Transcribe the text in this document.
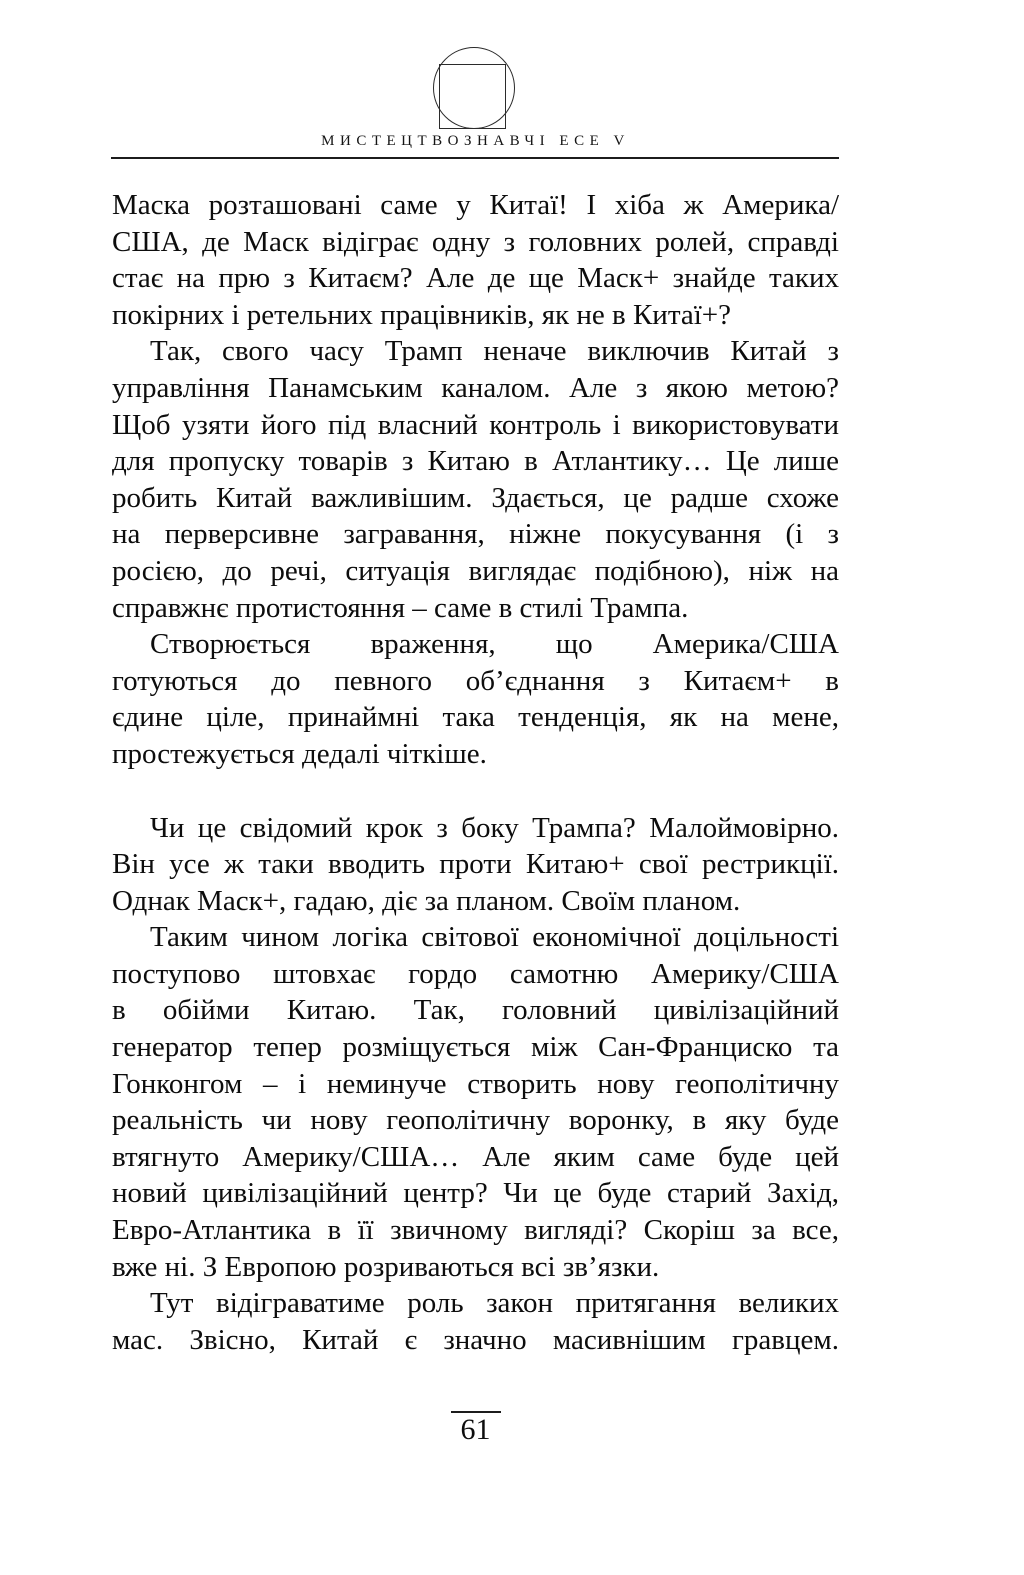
МИСТЕЦТВОЗНАВЧІ ЕСЕ V
Маска розташовані саме у Китаї! І хіба ж Америка/
США, де Маск відіграє одну з головних ролей, справді
стає на прю з Китаєм? Але де ще Маск+ знайде таких
покірних і ретельних працівників, як не в Китаї+?
Так, свого часу Трамп неначе виключив Китай з
управління Панамським каналом. Але з якою метою?
Щоб узяти його під власний контроль і використовувати
для пропуску товарів з Китаю в Атлантику… Це лише
робить Китай важливішим. Здається, це радше схоже
на перверсивне загравання, ніжне покусування (і з
росією, до речі, ситуація виглядає подібною), ніж на
справжнє протистояння – саме в стилі Трампа.
Створюється враження, що Америка/США
готуються до певного об’єднання з Китаєм+ в
єдине ціле, принаймні така тенденція, як на мене,
простежується дедалі чіткіше.
Чи це свідомий крок з боку Трампа? Малоймовірно.
Він усе ж таки вводить проти Китаю+ свої рестрикції.
Однак Маск+, гадаю, діє за планом. Своїм планом.
Таким чином логіка світової економічної доцільності
поступово штовхає гордо самотню Америку/США
в обійми Китаю. Так, головний цивілізаційний
генератор тепер розміщується між Сан-Франциско та
Гонконгом – і неминуче створить нову геополітичну
реальність чи нову геополітичну воронку, в яку буде
втягнуто Америку/США… Але яким саме буде цей
новий цивілізаційний центр? Чи це буде старий Захід,
Евро-Атлантика в її звичному вигляді? Скоріш за все,
вже ні. З Европою розриваються всі зв’язки.
Тут відіграватиме роль закон притягання великих
мас. Звісно, Китай є значно масивнішим гравцем.
61
